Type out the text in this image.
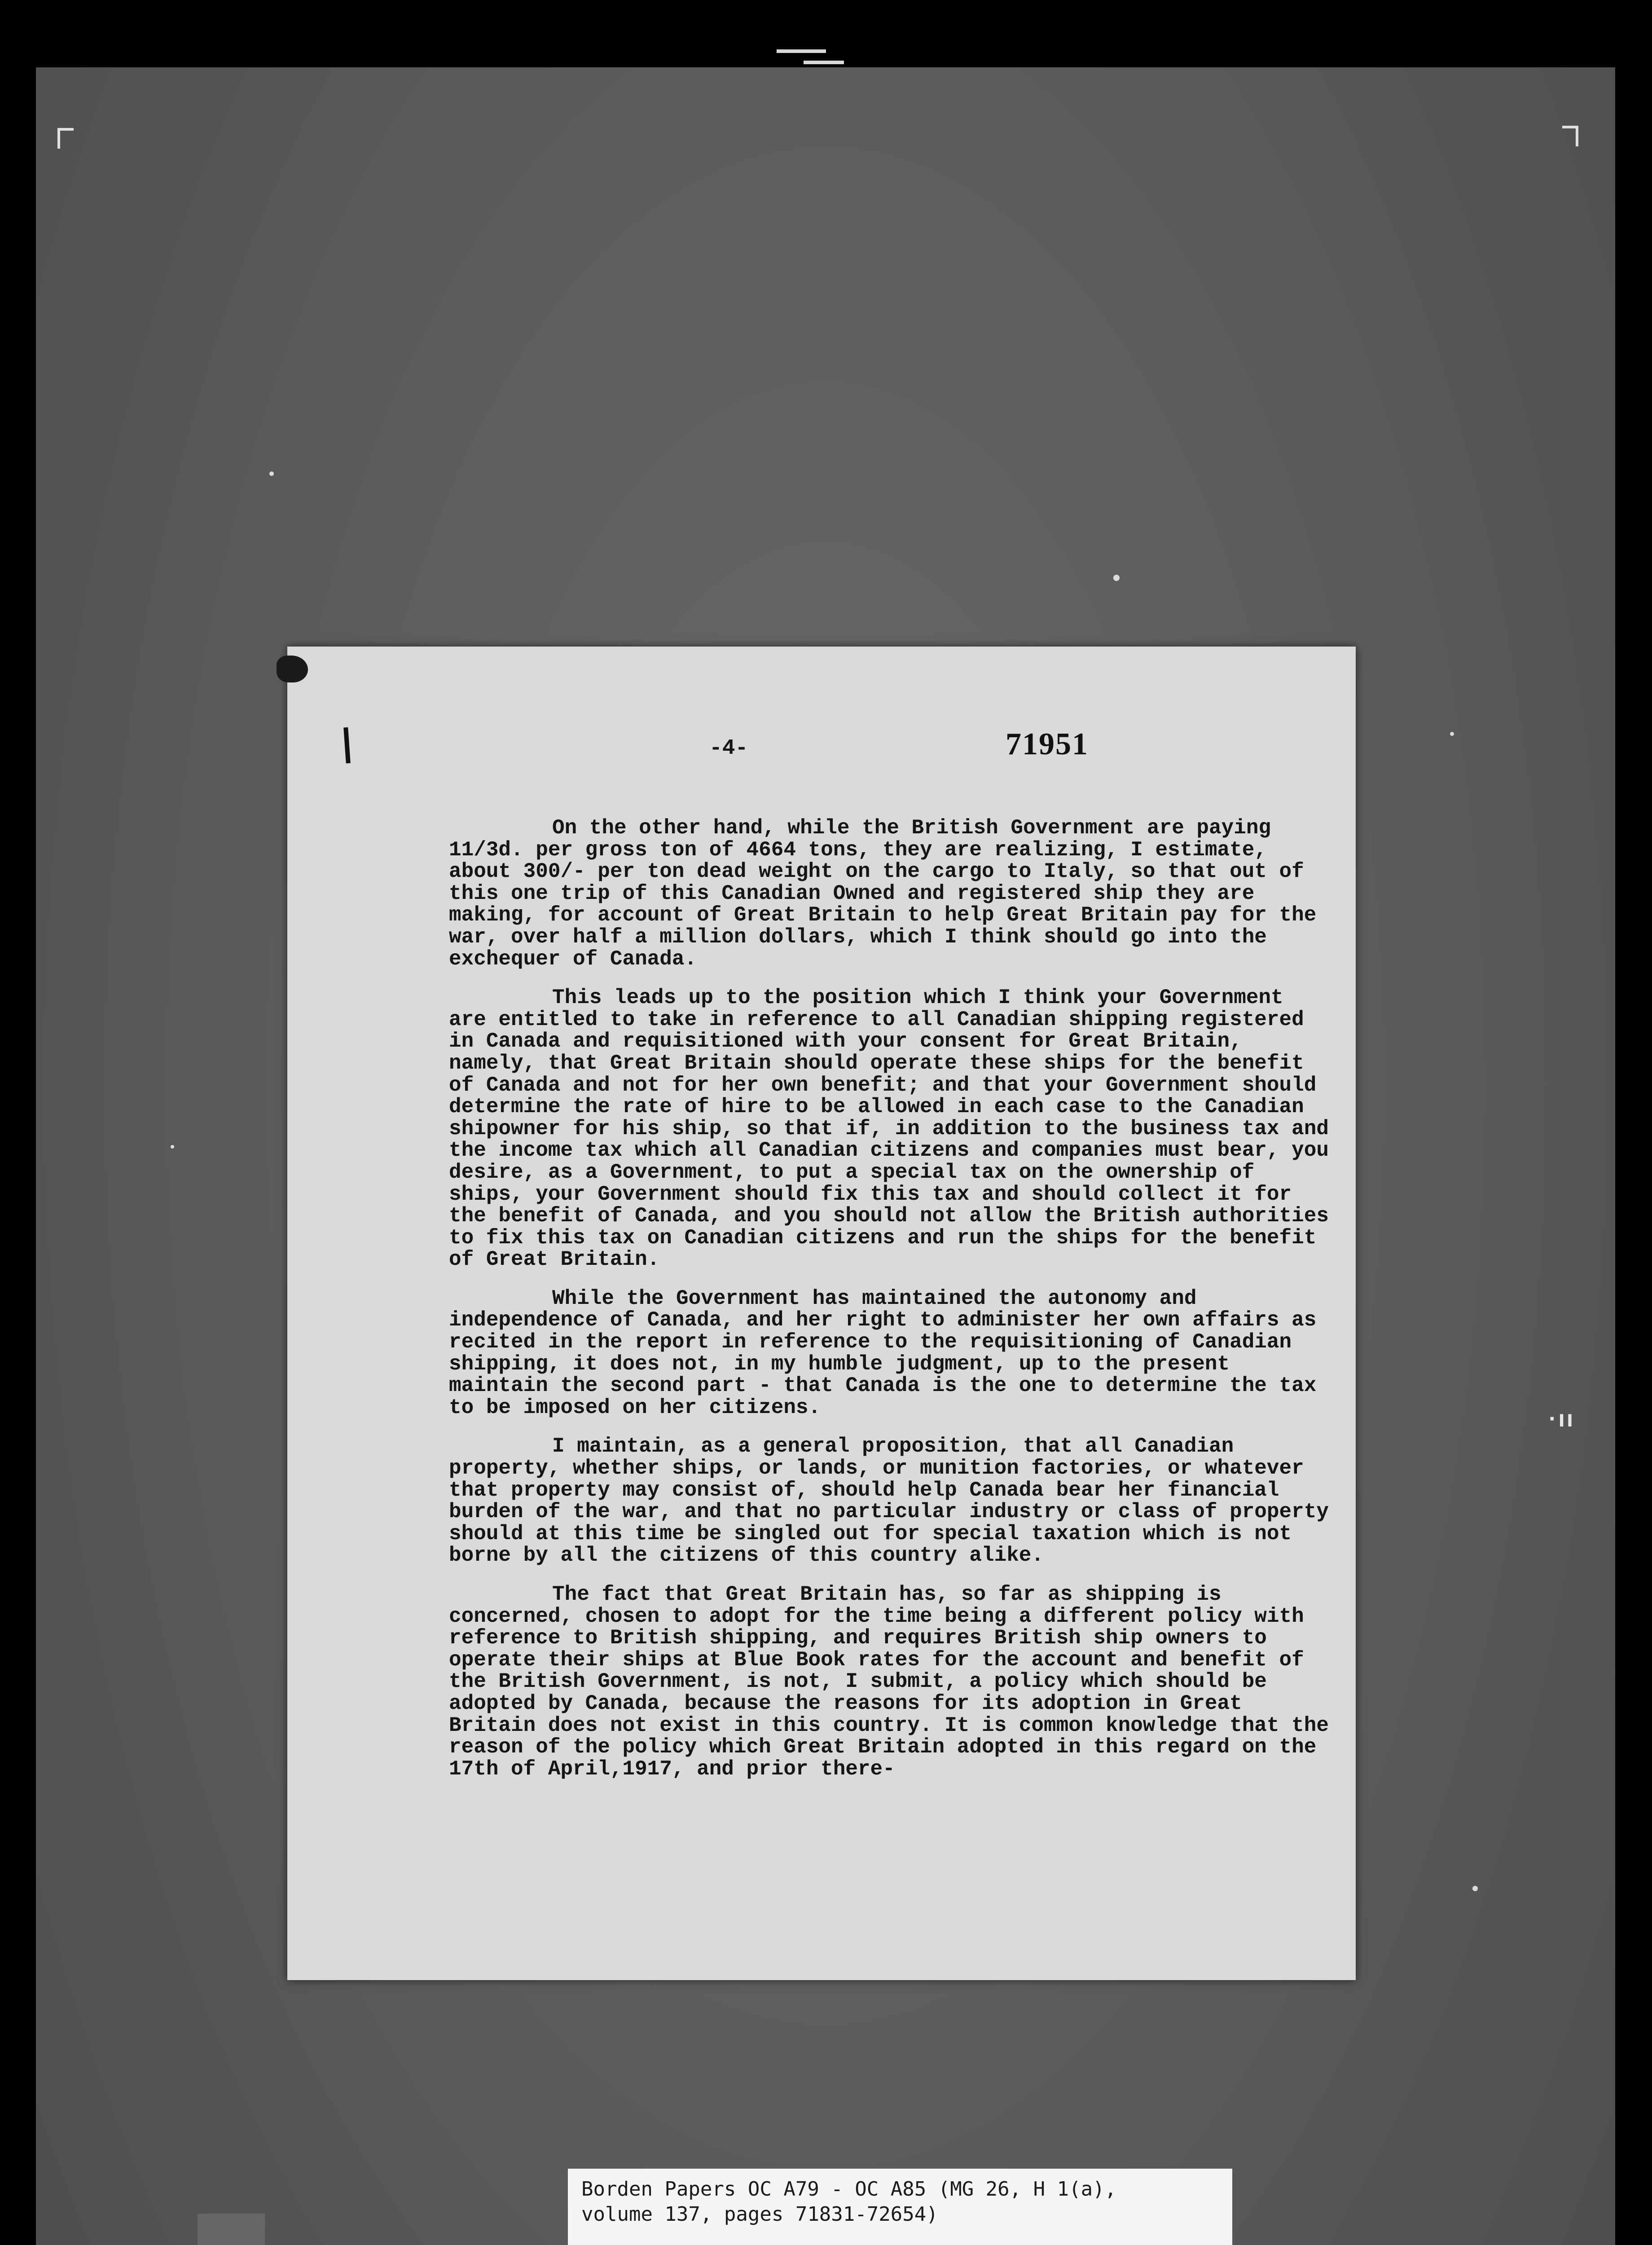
·ıı
-4-	71951

On the other hand, while the British Government are paying 11/3d. per gross ton of 4664 tons, they are realizing, I estimate, about 300/- per ton dead weight on the cargo to Italy, so that out of this one trip of this Canadian Owned and registered ship they are making, for account of Great Britain to help Great Britain pay for the war, over half a million dollars, which I think should go into the exchequer of Canada.

This leads up to the position which I think your Government are entitled to take in reference to all Canadian shipping registered in Canada and requisitioned with your consent for Great Britain, namely, that Great Britain should operate these ships for the benefit of Canada and not for her own benefit; and that your Government should determine the rate of hire to be allowed in each case to the Canadian shipowner for his ship, so that if, in addition to the business tax and the income tax which all Canadian citizens and companies must bear, you desire, as a Government, to put a special tax on the ownership of ships, your Government should fix this tax and should collect it for the benefit of Canada, and you should not allow the British authorities to fix this tax on Canadian citizens and run the ships for the benefit of Great Britain.

While the Government has maintained the autonomy and independence of Canada, and her right to administer her own affairs as recited in the report in reference to the requisitioning of Canadian shipping, it does not, in my humble judgment, up to the present maintain the second part - that Canada is the one to determine the tax to be imposed on her citizens.

I maintain, as a general proposition, that all Canadian property, whether ships, or lands, or munition factories, or whatever that property may consist of, should help Canada bear her financial burden of the war, and that no particular industry or class of property should at this time be singled out for special taxation which is not borne by all the citizens of this country alike.

The fact that Great Britain has, so far as shipping is concerned, chosen to adopt for the time being a different policy with reference to British shipping, and requires British ship owners to operate their ships at Blue Book rates for the account and benefit of the British Government, is not, I submit, a policy which should be adopted by Canada, because the reasons for its adoption in Great Britain does not exist in this country. It is common knowledge that the reason of the policy which Great Britain adopted in this regard on the 17th of April,1917, and prior there-

Borden Papers OC A79 - OC A85 (MG 26, H 1(a),
volume 137, pages 71831-72654)
